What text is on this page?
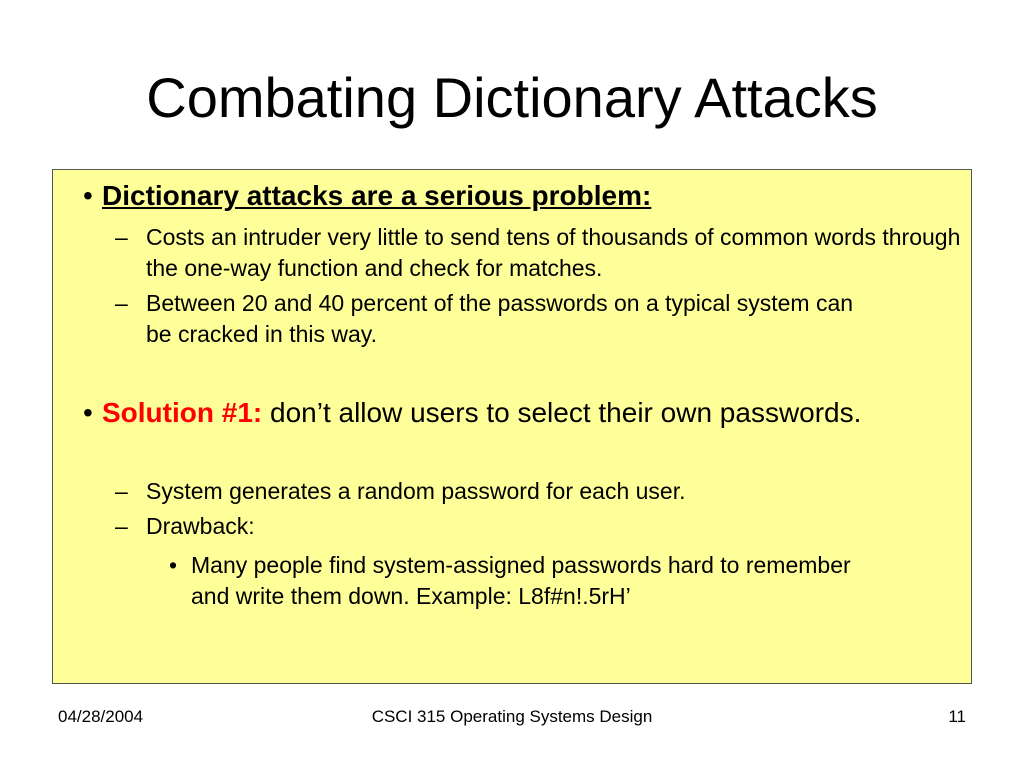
Combating Dictionary Attacks
• Dictionary attacks are a serious problem:
– Costs an intruder very little to send tens of thousands of common words through the one-way function and check for matches.
– Between 20 and 40 percent of the passwords on a typical system can be cracked in this way.
• Solution #1: don’t allow users to select their own passwords.
– System generates a random password for each user.
– Drawback:
• Many people find system-assigned passwords hard to remember and write them down. Example: L8f#n!.5rH’
04/28/2004	CSCI 315 Operating Systems Design	11
